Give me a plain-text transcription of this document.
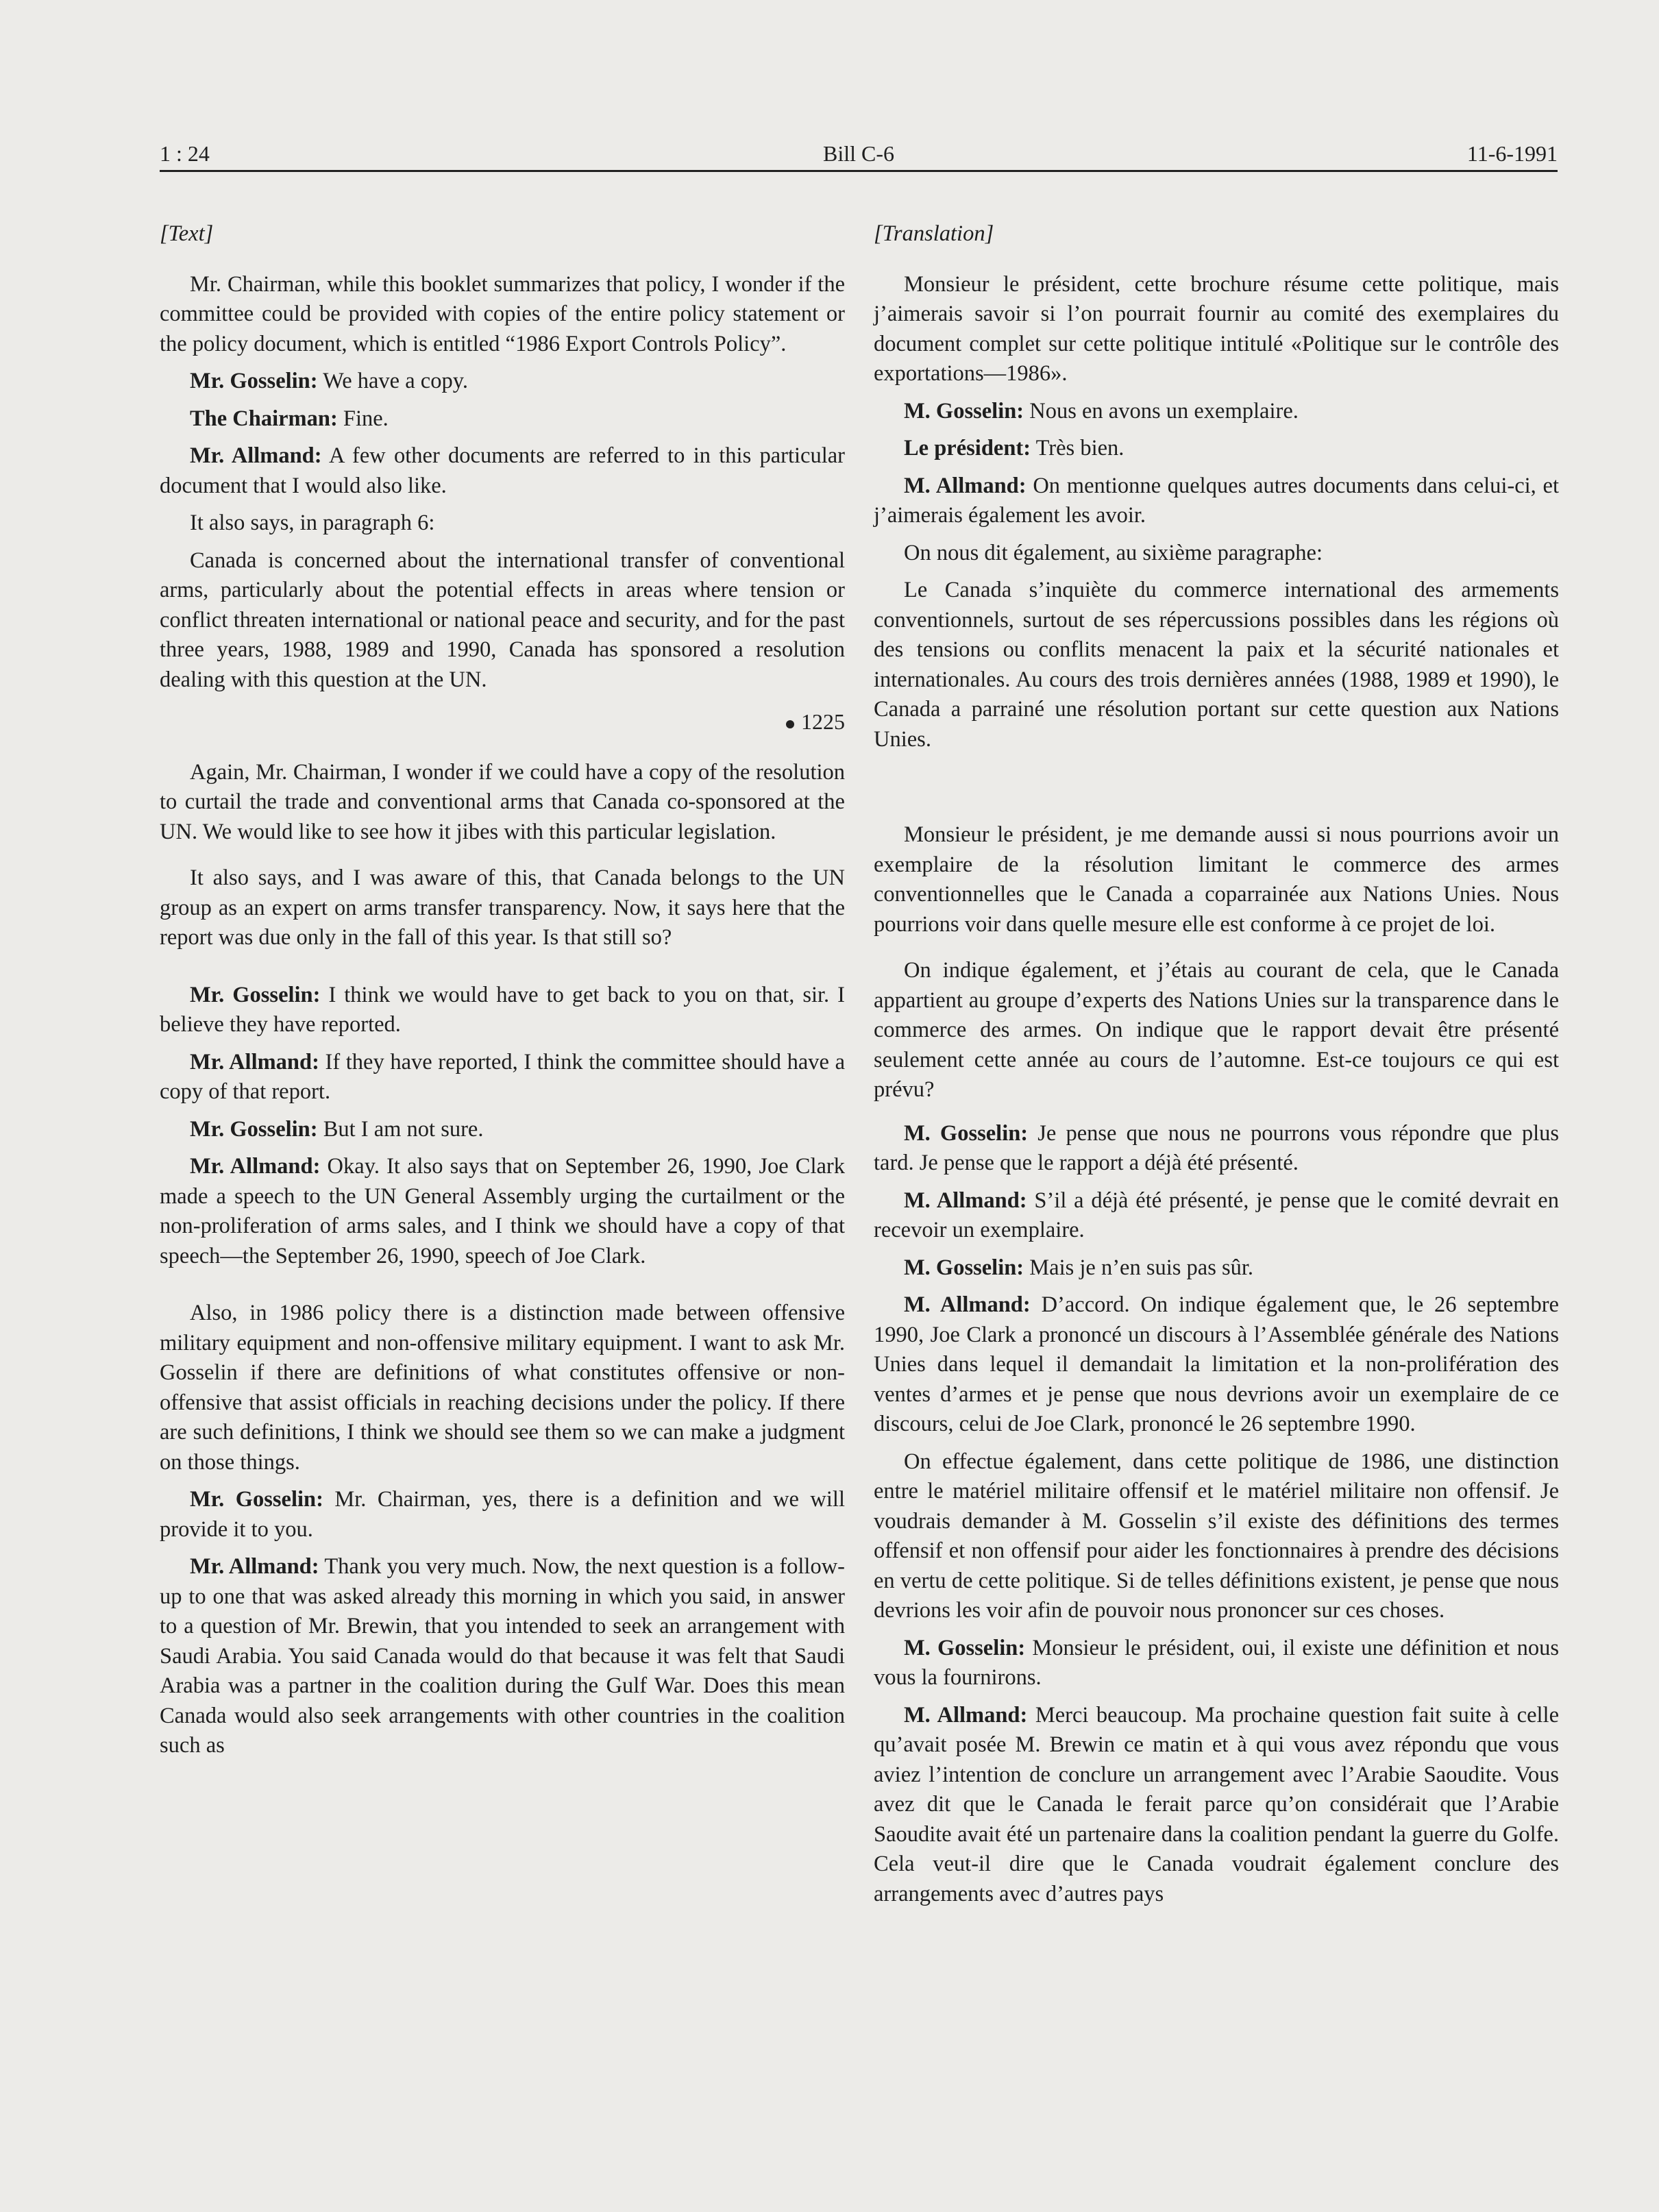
1 : 24	Bill C-6	11-6-1991
[Text]

Mr. Chairman, while this booklet summarizes that policy, I wonder if the committee could be provided with copies of the entire policy statement or the policy document, which is entitled “1986 Export Controls Policy”.

Mr. Gosselin: We have a copy.

The Chairman: Fine.

Mr. Allmand: A few other documents are referred to in this particular document that I would also like.

It also says, in paragraph 6:

Canada is concerned about the international transfer of conventional arms, particularly about the potential effects in areas where tension or conflict threaten international or national peace and security, and for the past three years, 1988, 1989 and 1990, Canada has sponsored a resolution dealing with this question at the UN.

1225

Again, Mr. Chairman, I wonder if we could have a copy of the resolution to curtail the trade and conventional arms that Canada co-sponsored at the UN. We would like to see how it jibes with this particular legislation.

It also says, and I was aware of this, that Canada belongs to the UN group as an expert on arms transfer transparency. Now, it says here that the report was due only in the fall of this year. Is that still so?

Mr. Gosselin: I think we would have to get back to you on that, sir. I believe they have reported.

Mr. Allmand: If they have reported, I think the committee should have a copy of that report.

Mr. Gosselin: But I am not sure.

Mr. Allmand: Okay. It also says that on September 26, 1990, Joe Clark made a speech to the UN General Assembly urging the curtailment or the non-proliferation of arms sales, and I think we should have a copy of that speech—the September 26, 1990, speech of Joe Clark.

Also, in 1986 policy there is a distinction made between offensive military equipment and non-offensive military equipment. I want to ask Mr. Gosselin if there are definitions of what constitutes offensive or non-offensive that assist officials in reaching decisions under the policy. If there are such definitions, I think we should see them so we can make a judgment on those things.

Mr. Gosselin: Mr. Chairman, yes, there is a definition and we will provide it to you.

Mr. Allmand: Thank you very much. Now, the next question is a follow-up to one that was asked already this morning in which you said, in answer to a question of Mr. Brewin, that you intended to seek an arrangement with Saudi Arabia. You said Canada would do that because it was felt that Saudi Arabia was a partner in the coalition during the Gulf War. Does this mean Canada would also seek arrangements with other countries in the coalition such as

[Translation]

Monsieur le président, cette brochure résume cette politique, mais j’aimerais savoir si l’on pourrait fournir au comité des exemplaires du document complet sur cette politique intitulé «Politique sur le contrôle des exportations—1986».

M. Gosselin: Nous en avons un exemplaire.

Le président: Très bien.

M. Allmand: On mentionne quelques autres documents dans celui-ci, et j’aimerais également les avoir.

On nous dit également, au sixième paragraphe:

Le Canada s’inquiète du commerce international des armements conventionnels, surtout de ses répercussions possibles dans les régions où des tensions ou conflits menacent la paix et la sécurité nationales et internationales. Au cours des trois dernières années (1988, 1989 et 1990), le Canada a parrainé une résolution portant sur cette question aux Nations Unies.

Monsieur le président, je me demande aussi si nous pourrions avoir un exemplaire de la résolution limitant le commerce des armes conventionnelles que le Canada a coparrainée aux Nations Unies. Nous pourrions voir dans quelle mesure elle est conforme à ce projet de loi.

On indique également, et j’étais au courant de cela, que le Canada appartient au groupe d’experts des Nations Unies sur la transparence dans le commerce des armes. On indique que le rapport devait être présenté seulement cette année au cours de l’automne. Est-ce toujours ce qui est prévu?

M. Gosselin: Je pense que nous ne pourrons vous répondre que plus tard. Je pense que le rapport a déjà été présenté.

M. Allmand: S’il a déjà été présenté, je pense que le comité devrait en recevoir un exemplaire.

M. Gosselin: Mais je n’en suis pas sûr.

M. Allmand: D’accord. On indique également que, le 26 septembre 1990, Joe Clark a prononcé un discours à l’Assemblée générale des Nations Unies dans lequel il demandait la limitation et la non-prolifération des ventes d’armes et je pense que nous devrions avoir un exemplaire de ce discours, celui de Joe Clark, prononcé le 26 septembre 1990.

On effectue également, dans cette politique de 1986, une distinction entre le matériel militaire offensif et le matériel militaire non offensif. Je voudrais demander à M. Gosselin s’il existe des définitions des termes offensif et non offensif pour aider les fonctionnaires à prendre des décisions en vertu de cette politique. Si de telles définitions existent, je pense que nous devrions les voir afin de pouvoir nous prononcer sur ces choses.

M. Gosselin: Monsieur le président, oui, il existe une définition et nous vous la fournirons.

M. Allmand: Merci beaucoup. Ma prochaine question fait suite à celle qu’avait posée M. Brewin ce matin et à qui vous avez répondu que vous aviez l’intention de conclure un arrangement avec l’Arabie Saoudite. Vous avez dit que le Canada le ferait parce qu’on considérait que l’Arabie Saoudite avait été un partenaire dans la coalition pendant la guerre du Golfe. Cela veut-il dire que le Canada voudrait également conclure des arrangements avec d’autres pays
